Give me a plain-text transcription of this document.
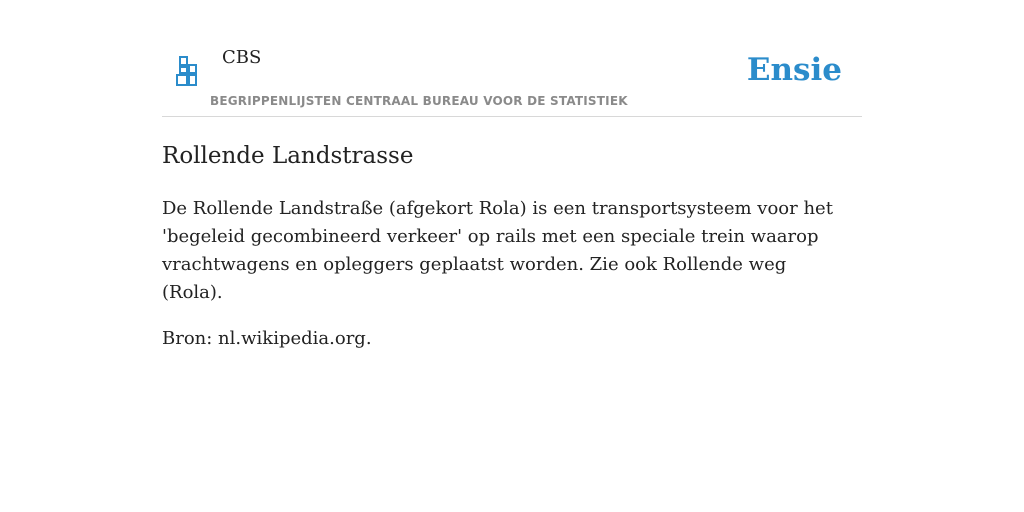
CBS
BEGRIPPENLIJSTEN CENTRAAL BUREAU VOOR DE STATISTIEK
Ensie
Rollende Landstrasse

De Rollende Landstraße (afgekort Rola) is een transportsysteem voor het 'begeleid gecombineerd verkeer' op rails met een speciale trein waarop vrachtwagens en opleggers geplaatst worden. Zie ook Rollende weg (Rola).

Bron: nl.wikipedia.org.
